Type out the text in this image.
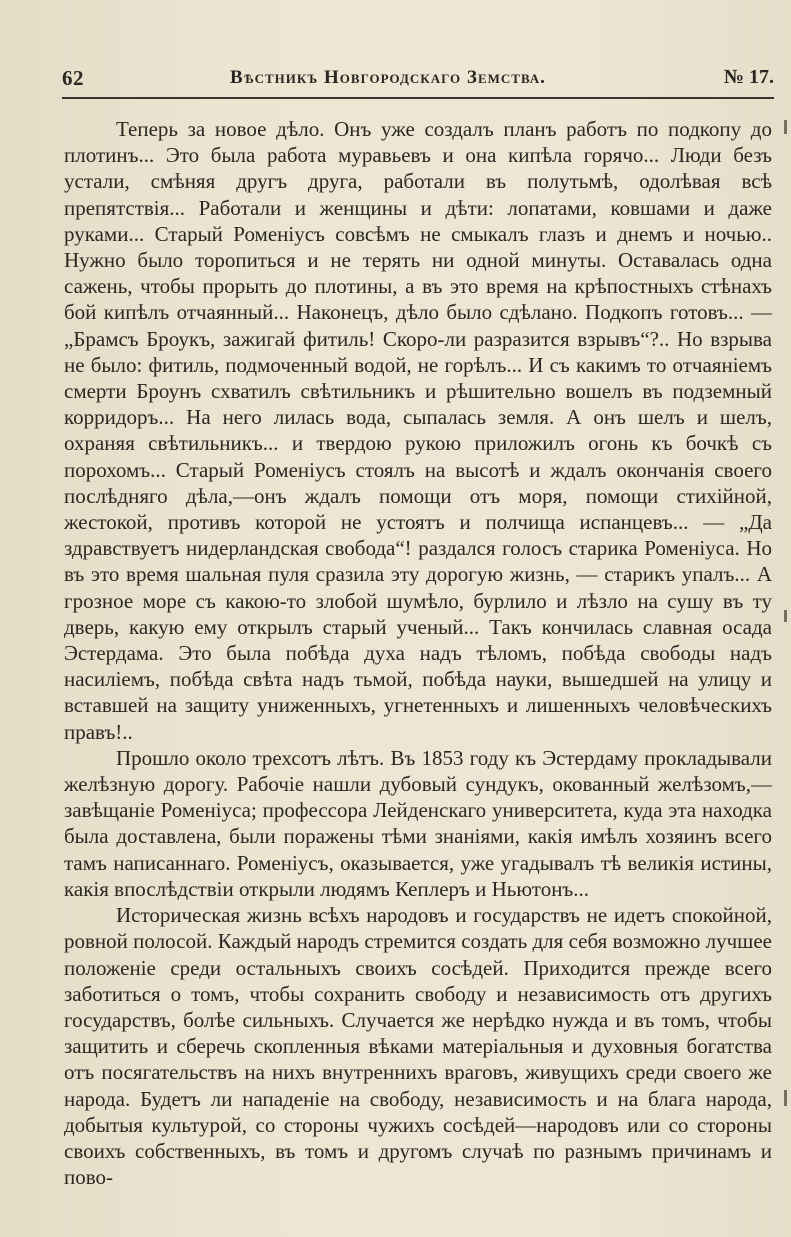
62	Вѣстникъ Новгородскаго Земства.	№ 17.

Теперь за новое дѣло. Онъ уже создалъ планъ работъ по подкопу до плотинъ... Это была работа муравьевъ и она кипѣла горячо... Люди безъ устали, смѣняя другъ друга, работали въ полутьмѣ, одолѣвая всѣ препятствія... Работали и женщины и дѣти: лопатами, ковшами и даже руками... Старый Роменіусъ совсѣмъ не смыкалъ глазъ и днемъ и ночью.. Нужно было торопиться и не терять ни одной минуты. Оставалась одна сажень, чтобы прорыть до плотины, а въ это время на крѣпостныхъ стѣнахъ бой кипѣлъ отчаянный... Наконецъ, дѣло было сдѣлано. Подкопъ готовъ... — „Брамсъ Броукъ, зажигай фитиль! Скоро-ли разразится взрывъ“?.. Но взрыва не было: фитиль, подмоченный водой, не горѣлъ... И съ какимъ то отчаяніемъ смерти Броунъ схватилъ свѣтильникъ и рѣшительно вошелъ въ подземный корридоръ... На него лилась вода, сыпалась земля. А онъ шелъ и шелъ, охраняя свѣтильникъ... и твердою рукою приложилъ огонь къ бочкѣ съ порохомъ... Старый Роменіусъ стоялъ на высотѣ и ждалъ окончанія своего послѣдняго дѣла,—онъ ждалъ помощи отъ моря, помощи стихійной, жестокой, противъ которой не устоятъ и полчища испанцевъ... — „Да здравствуетъ нидерландская свобода“! раздался голосъ старика Роменіуса. Но въ это время шальная пуля сразила эту дорогую жизнь, — старикъ упалъ... А грозное море съ какою-то злобой шумѣло, бурлило и лѣзло на сушу въ ту дверь, какую ему открылъ старый ученый... Такъ кончилась славная осада Эстердама. Это была побѣда духа надъ тѣломъ, побѣда свободы надъ насиліемъ, побѣда свѣта надъ тьмой, побѣда науки, вышедшей на улицу и вставшей на защиту униженныхъ, угнетенныхъ и лишенныхъ человѣческихъ правъ!..

Прошло около трехсотъ лѣтъ. Въ 1853 году къ Эстердаму прокладывали желѣзную дорогу. Рабочіе нашли дубовый сундукъ, окованный желѣзомъ,—завѣщаніе Роменіуса; профессора Лейденскаго университета, куда эта находка была доставлена, были поражены тѣми знаніями, какія имѣлъ хозяинъ всего тамъ написаннаго. Роменіусъ, оказывается, уже угадывалъ тѣ великія истины, какія впослѣдствіи открыли людямъ Кеплеръ и Ньютонъ...

Историческая жизнь всѣхъ народовъ и государствъ не идетъ спокойной, ровной полосой. Каждый народъ стремится создать для себя возможно лучшее положеніе среди остальныхъ своихъ сосѣдей. Приходится прежде всего заботиться о томъ, чтобы сохранить свободу и независимость отъ другихъ государствъ, болѣе сильныхъ. Случается же нерѣдко нужда и въ томъ, чтобы защитить и сберечь скопленныя вѣками матеріальныя и духовныя богатства отъ посягательствъ на нихъ внутреннихъ враговъ, живущихъ среди своего же народа. Будетъ ли нападеніе на свободу, независимость и на блага народа, добытыя культурой, со стороны чужихъ сосѣдей—народовъ или со стороны своихъ собственныхъ, въ томъ и другомъ случаѣ по разнымъ причинамъ и пово-
